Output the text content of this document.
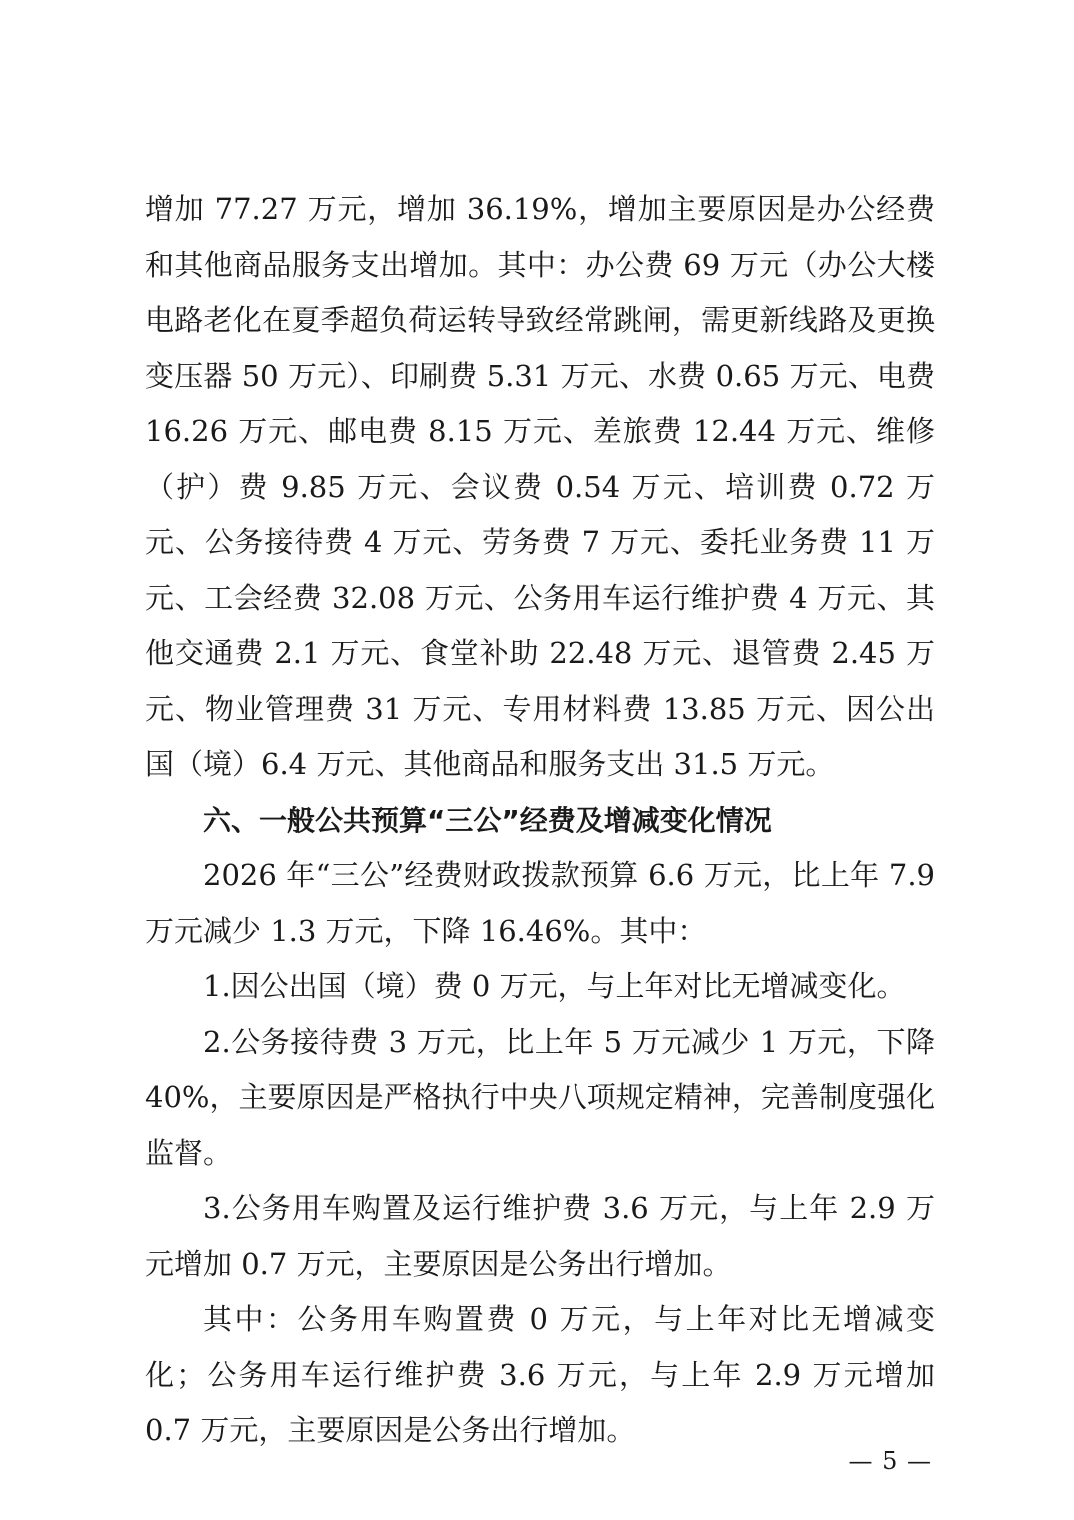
增加 77.27 万元，增加 36.19%，增加主要原因是办公经费和其他商品服务支出增加。其中：办公费 69 万元（办公大楼电路老化在夏季超负荷运转导致经常跳闸，需更新线路及更换变压器 50 万元）、印刷费 5.31 万元、水费 0.65 万元、电费 16.26 万元、邮电费 8.15 万元、差旅费 12.44 万元、维修（护）费 9.85 万元、会议费 0.54 万元、培训费 0.72 万元、公务接待费 4 万元、劳务费 7 万元、委托业务费 11 万元、工会经费 32.08 万元、公务用车运行维护费 4 万元、其他交通费 2.1 万元、食堂补助 22.48 万元、退管费 2.45 万元、物业管理费 31 万元、专用材料费 13.85 万元、因公出国（境）6.4 万元、其他商品和服务支出 31.5 万元。

六、一般公共预算“三公”经费及增减变化情况

2026 年“三公”经费财政拨款预算 6.6 万元，比上年 7.9 万元减少 1.3 万元，下降 16.46%。其中：

1.因公出国（境）费 0 万元，与上年对比无增减变化。

2.公务接待费 3 万元，比上年 5 万元减少 1 万元，下降 40%，主要原因是严格执行中央八项规定精神，完善制度强化监督。

3.公务用车购置及运行维护费 3.6 万元，与上年 2.9 万元增加 0.7 万元，主要原因是公务出行增加。

其中：公务用车购置费 0 万元，与上年对比无增减变化；公务用车运行维护费 3.6 万元，与上年 2.9 万元增加 0.7 万元，主要原因是公务出行增加。

— 5 —
